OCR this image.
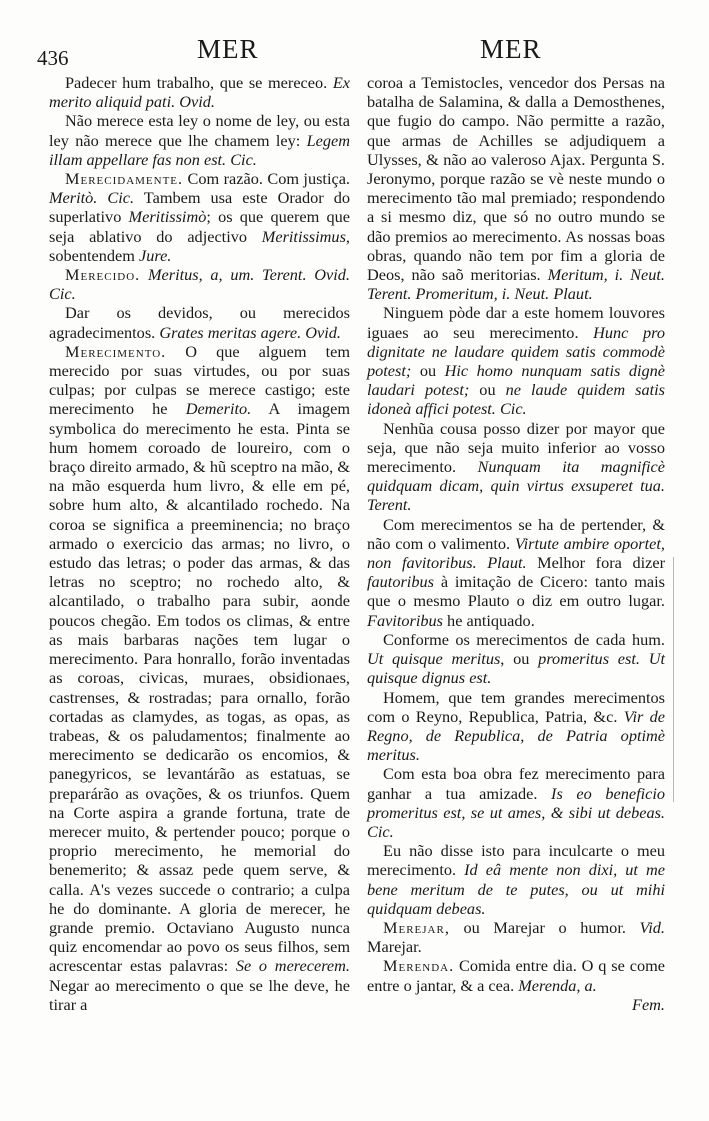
436	MER	MER

Padecer hum trabalho, que se mereceo. Ex merito aliquid pati. Ovid.

Não merece esta ley o nome de ley, ou esta ley não merece que lhe chamem ley: Legem illam appellare fas non est. Cic.

Merecidamente. Com razão. Com justiça. Meritò. Cic. Tambem usa este Orador do superlativo Meritissimò; os que querem que seja ablativo do adjectivo Meritissimus, sobentendem Jure.

Merecido. Meritus, a, um. Terent. Ovid. Cic.

Dar os devidos, ou merecidos agradecimentos. Grates meritas agere. Ovid.

Merecimento. O que alguem tem merecido por suas virtudes, ou por suas culpas; por culpas se merece castigo; este merecimento he Demerito. A imagem symbolica do merecimento he esta. Pinta se hum homem coroado de loureiro, com o braço direito armado, & hũ sceptro na mão, & na mão esquerda hum livro, & elle em pé, sobre hum alto, & alcantilado rochedo. Na coroa se significa a preeminencia; no braço armado o exercicio das armas; no livro, o estudo das letras; o poder das armas, & das letras no sceptro; no rochedo alto, & alcantilado, o trabalho para subir, aonde poucos chegão. Em todos os climas, & entre as mais barbaras nações tem lugar o merecimento. Para honrallo, forão inventadas as coroas, civicas, muraes, obsidionaes, castrenses, & rostradas; para ornallo, forão cortadas as clamydes, as togas, as opas, as trabeas, & os paludamentos; finalmente ao merecimento se dedicarão os encomios, & panegyricos, se levantárão as estatuas, se preparárão as ovações, & os triunfos. Quem na Corte aspira a grande fortuna, trate de merecer muito, & pertender pouco; porque o proprio merecimento, he memorial do benemerito; & assaz pede quem serve, & calla. A's vezes succede o contrario; a culpa he do dominante. A gloria de merecer, he grande premio. Octaviano Augusto nunca quiz encomendar ao povo os seus filhos, sem acrescentar estas palavras: Se o merecerem. Negar ao merecimento o que se lhe deve, he tirar a

coroa a Temistocles, vencedor dos Persas na batalha de Salamina, & dalla a Demosthenes, que fugio do campo. Não permitte a razão, que armas de Achilles se adjudiquem a Ulysses, & não ao valeroso Ajax. Pergunta S. Jeronymo, porque razão se vè neste mundo o merecimento tão mal premiado; respondendo a si mesmo diz, que só no outro mundo se dão premios ao merecimento. As nossas boas obras, quando não tem por fim a gloria de Deos, não saõ meritorias. Meritum, i. Neut. Terent. Promeritum, i. Neut. Plaut.

Ninguem pòde dar a este homem louvores iguaes ao seu merecimento. Hunc pro dignitate ne laudare quidem satis commodè potest; ou Hic homo nunquam satis dignè laudari potest; ou ne laude quidem satis idoneà affici potest. Cic.

Nenhũa cousa posso dizer por mayor que seja, que não seja muito inferior ao vosso merecimento. Nunquam ita magnificè quidquam dicam, quin virtus exsuperet tua. Terent.

Com merecimentos se ha de pertender, & não com o valimento. Virtute ambire oportet, non favitoribus. Plaut. Melhor fora dizer fautoribus à imitação de Cicero: tanto mais que o mesmo Plauto o diz em outro lugar. Favitoribus he antiquado.

Conforme os merecimentos de cada hum. Ut quisque meritus, ou promeritus est. Ut quisque dignus est.

Homem, que tem grandes merecimentos com o Reyno, Republica, Patria, &c. Vir de Regno, de Republica, de Patria optimè meritus.

Com esta boa obra fez merecimento para ganhar a tua amizade. Is eo beneficio promeritus est, se ut ames, & sibi ut debeas. Cic.

Eu não disse isto para inculcarte o meu merecimento. Id eâ mente non dixi, ut me bene meritum de te putes, ou ut mihi quidquam debeas.

Merejar, ou Marejar o humor. Vid. Marejar.

Merenda. Comida entre dia. O q se come entre o jantar, & a cea. Merenda, a.

Fem.
